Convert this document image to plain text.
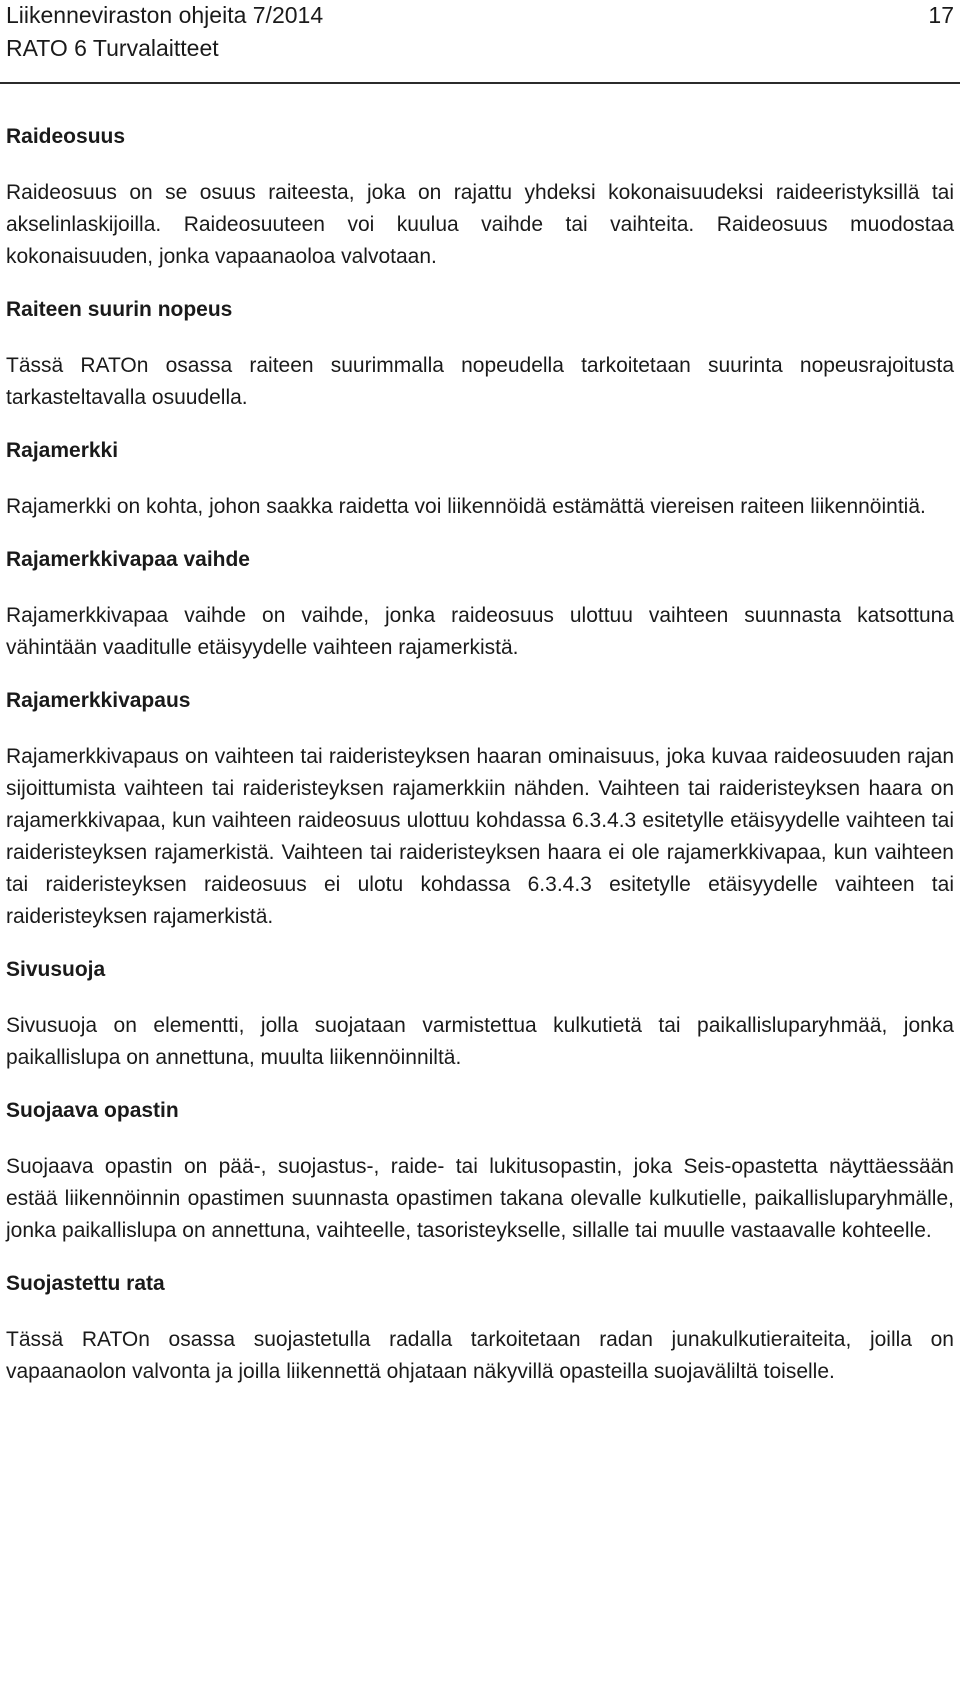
Liikenneviraston ohjeita 7/2014
RATO 6 Turvalaitteet
17

Raideosuus

Raideosuus on se osuus raiteesta, joka on rajattu yhdeksi kokonaisuudeksi raideeristyksillä tai akselinlaskijoilla. Raideosuuteen voi kuulua vaihde tai vaihteita. Raideosuus muodostaa kokonaisuuden, jonka vapaanaoloa valvotaan.

Raiteen suurin nopeus

Tässä RATOn osassa raiteen suurimmalla nopeudella tarkoitetaan suurinta nopeusrajoitusta tarkasteltavalla osuudella.

Rajamerkki

Rajamerkki on kohta, johon saakka raidetta voi liikennöidä estämättä viereisen raiteen liikennöintiä.

Rajamerkkivapaa vaihde

Rajamerkkivapaa vaihde on vaihde, jonka raideosuus ulottuu vaihteen suunnasta katsottuna vähintään vaaditulle etäisyydelle vaihteen rajamerkistä.

Rajamerkkivapaus

Rajamerkkivapaus on vaihteen tai raideristeyksen haaran ominaisuus, joka kuvaa raideosuuden rajan sijoittumista vaihteen tai raideristeyksen rajamerkkiin nähden. Vaihteen tai raideristeyksen haara on rajamerkkivapaa, kun vaihteen raideosuus ulottuu kohdassa 6.3.4.3 esitetylle etäisyydelle vaihteen tai raideristeyksen rajamerkistä. Vaihteen tai raideristeyksen haara ei ole rajamerkkivapaa, kun vaihteen tai raideristeyksen raideosuus ei ulotu kohdassa 6.3.4.3 esitetylle etäisyydelle vaihteen tai raideristeyksen rajamerkistä.

Sivusuoja

Sivusuoja on elementti, jolla suojataan varmistettua kulkutietä tai paikallisluparyhmää, jonka paikallislupa on annettuna, muulta liikennöinniltä.

Suojaava opastin

Suojaava opastin on pää-, suojastus-, raide- tai lukitusopastin, joka Seis-opastetta näyttäessään estää liikennöinnin opastimen suunnasta opastimen takana olevalle kulkutielle, paikallisluparyhmälle, jonka paikallislupa on annettuna, vaihteelle, tasoristeykselle, sillalle tai muulle vastaavalle kohteelle.

Suojastettu rata

Tässä RATOn osassa suojastetulla radalla tarkoitetaan radan junakulkutieraiteita, joilla on vapaanaolon valvonta ja joilla liikennettä ohjataan näkyvillä opasteilla suojaväliltä toiselle.
